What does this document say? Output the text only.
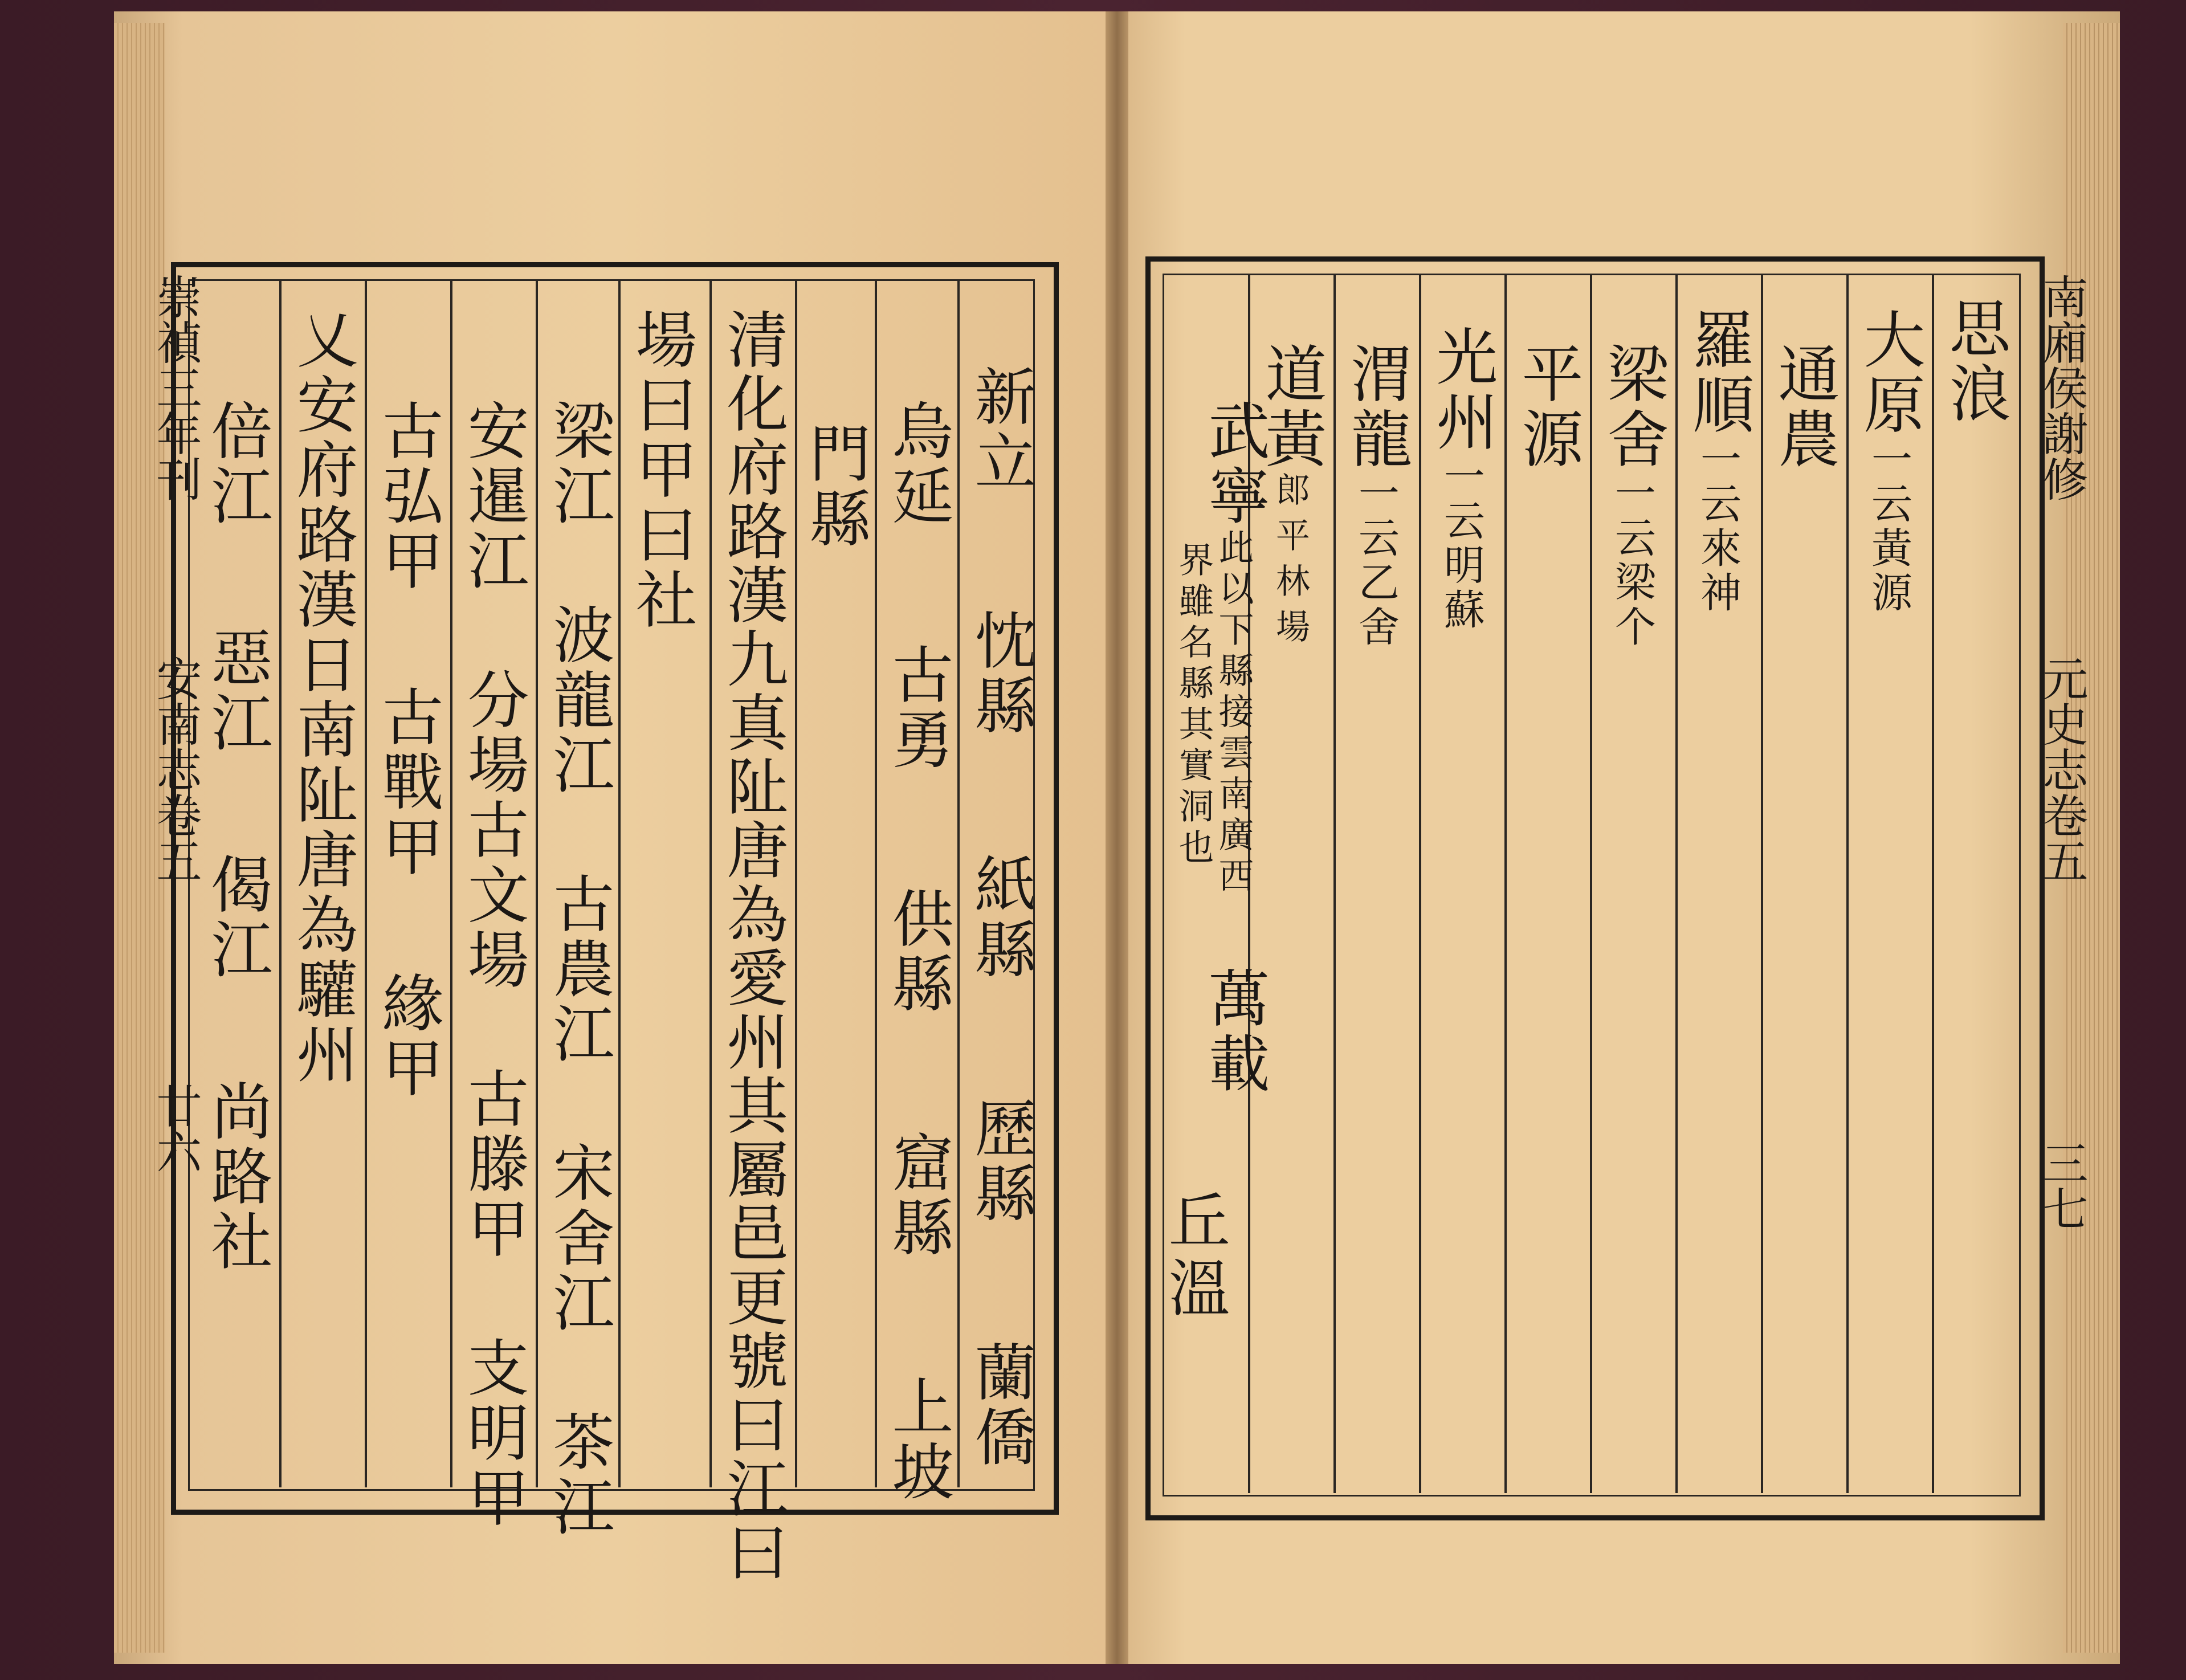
崇禎三年刊
安南志卷五
廿六
南廂侯謝修
元史志卷五
三七
新立忱縣紙縣歷縣蘭僑
烏延古勇供縣窟縣上坡
門縣
清化府路漢九真阯唐為愛州其屬邑更號曰江曰
場曰甲曰社
梁江波龍江古農江宋舍江茶江
安暹江分場古文場古滕甲支明甲
古弘甲古戰甲緣甲
乂安府路漢日南阯唐為驩州
倍江惡江偈江尚路社
思浪
大原一云黃源
通農
羅順一云來神
梁舍一云梁个
平源
光州一云明蘇
渭龍一云乙舍
道黃郎平林場
武寧此以下縣接雲南廣西萬載
界雖名縣其實洞也丘溫
